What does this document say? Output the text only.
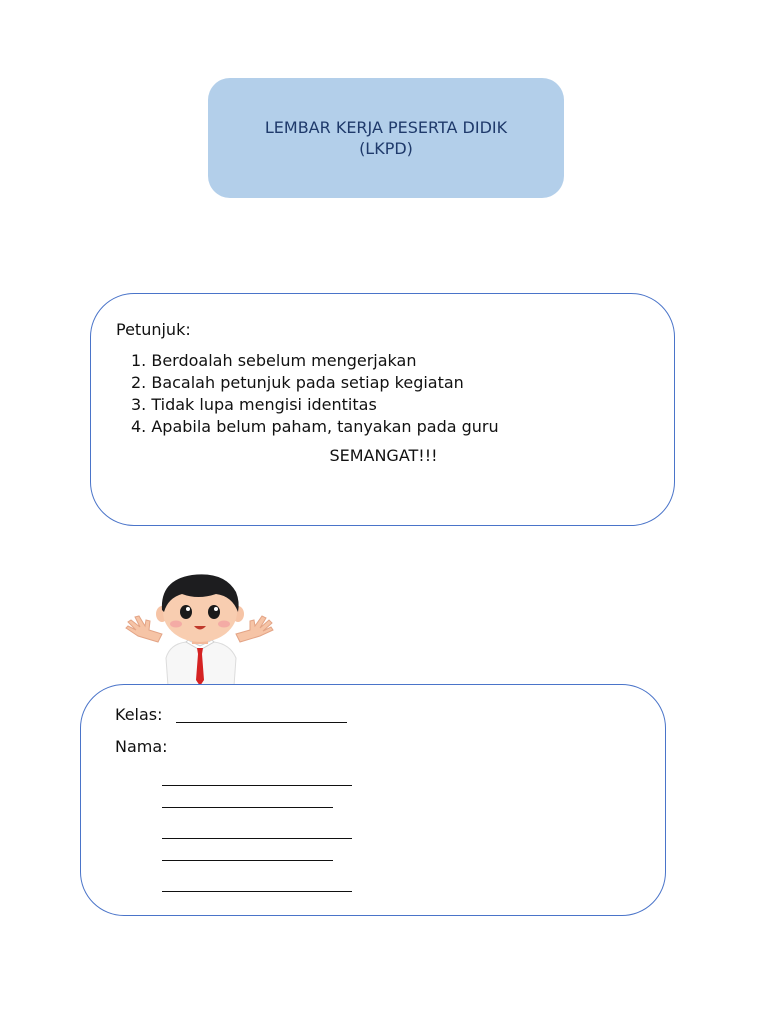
LEMBAR KERJA PESERTA DIDIK
(LKPD)
Petunjuk:
1. Berdoalah sebelum mengerjakan
2. Bacalah petunjuk pada setiap kegiatan
3. Tidak lupa mengisi identitas
4. Apabila belum paham, tanyakan pada guru
SEMANGAT!!!
Kelas:
Nama:
